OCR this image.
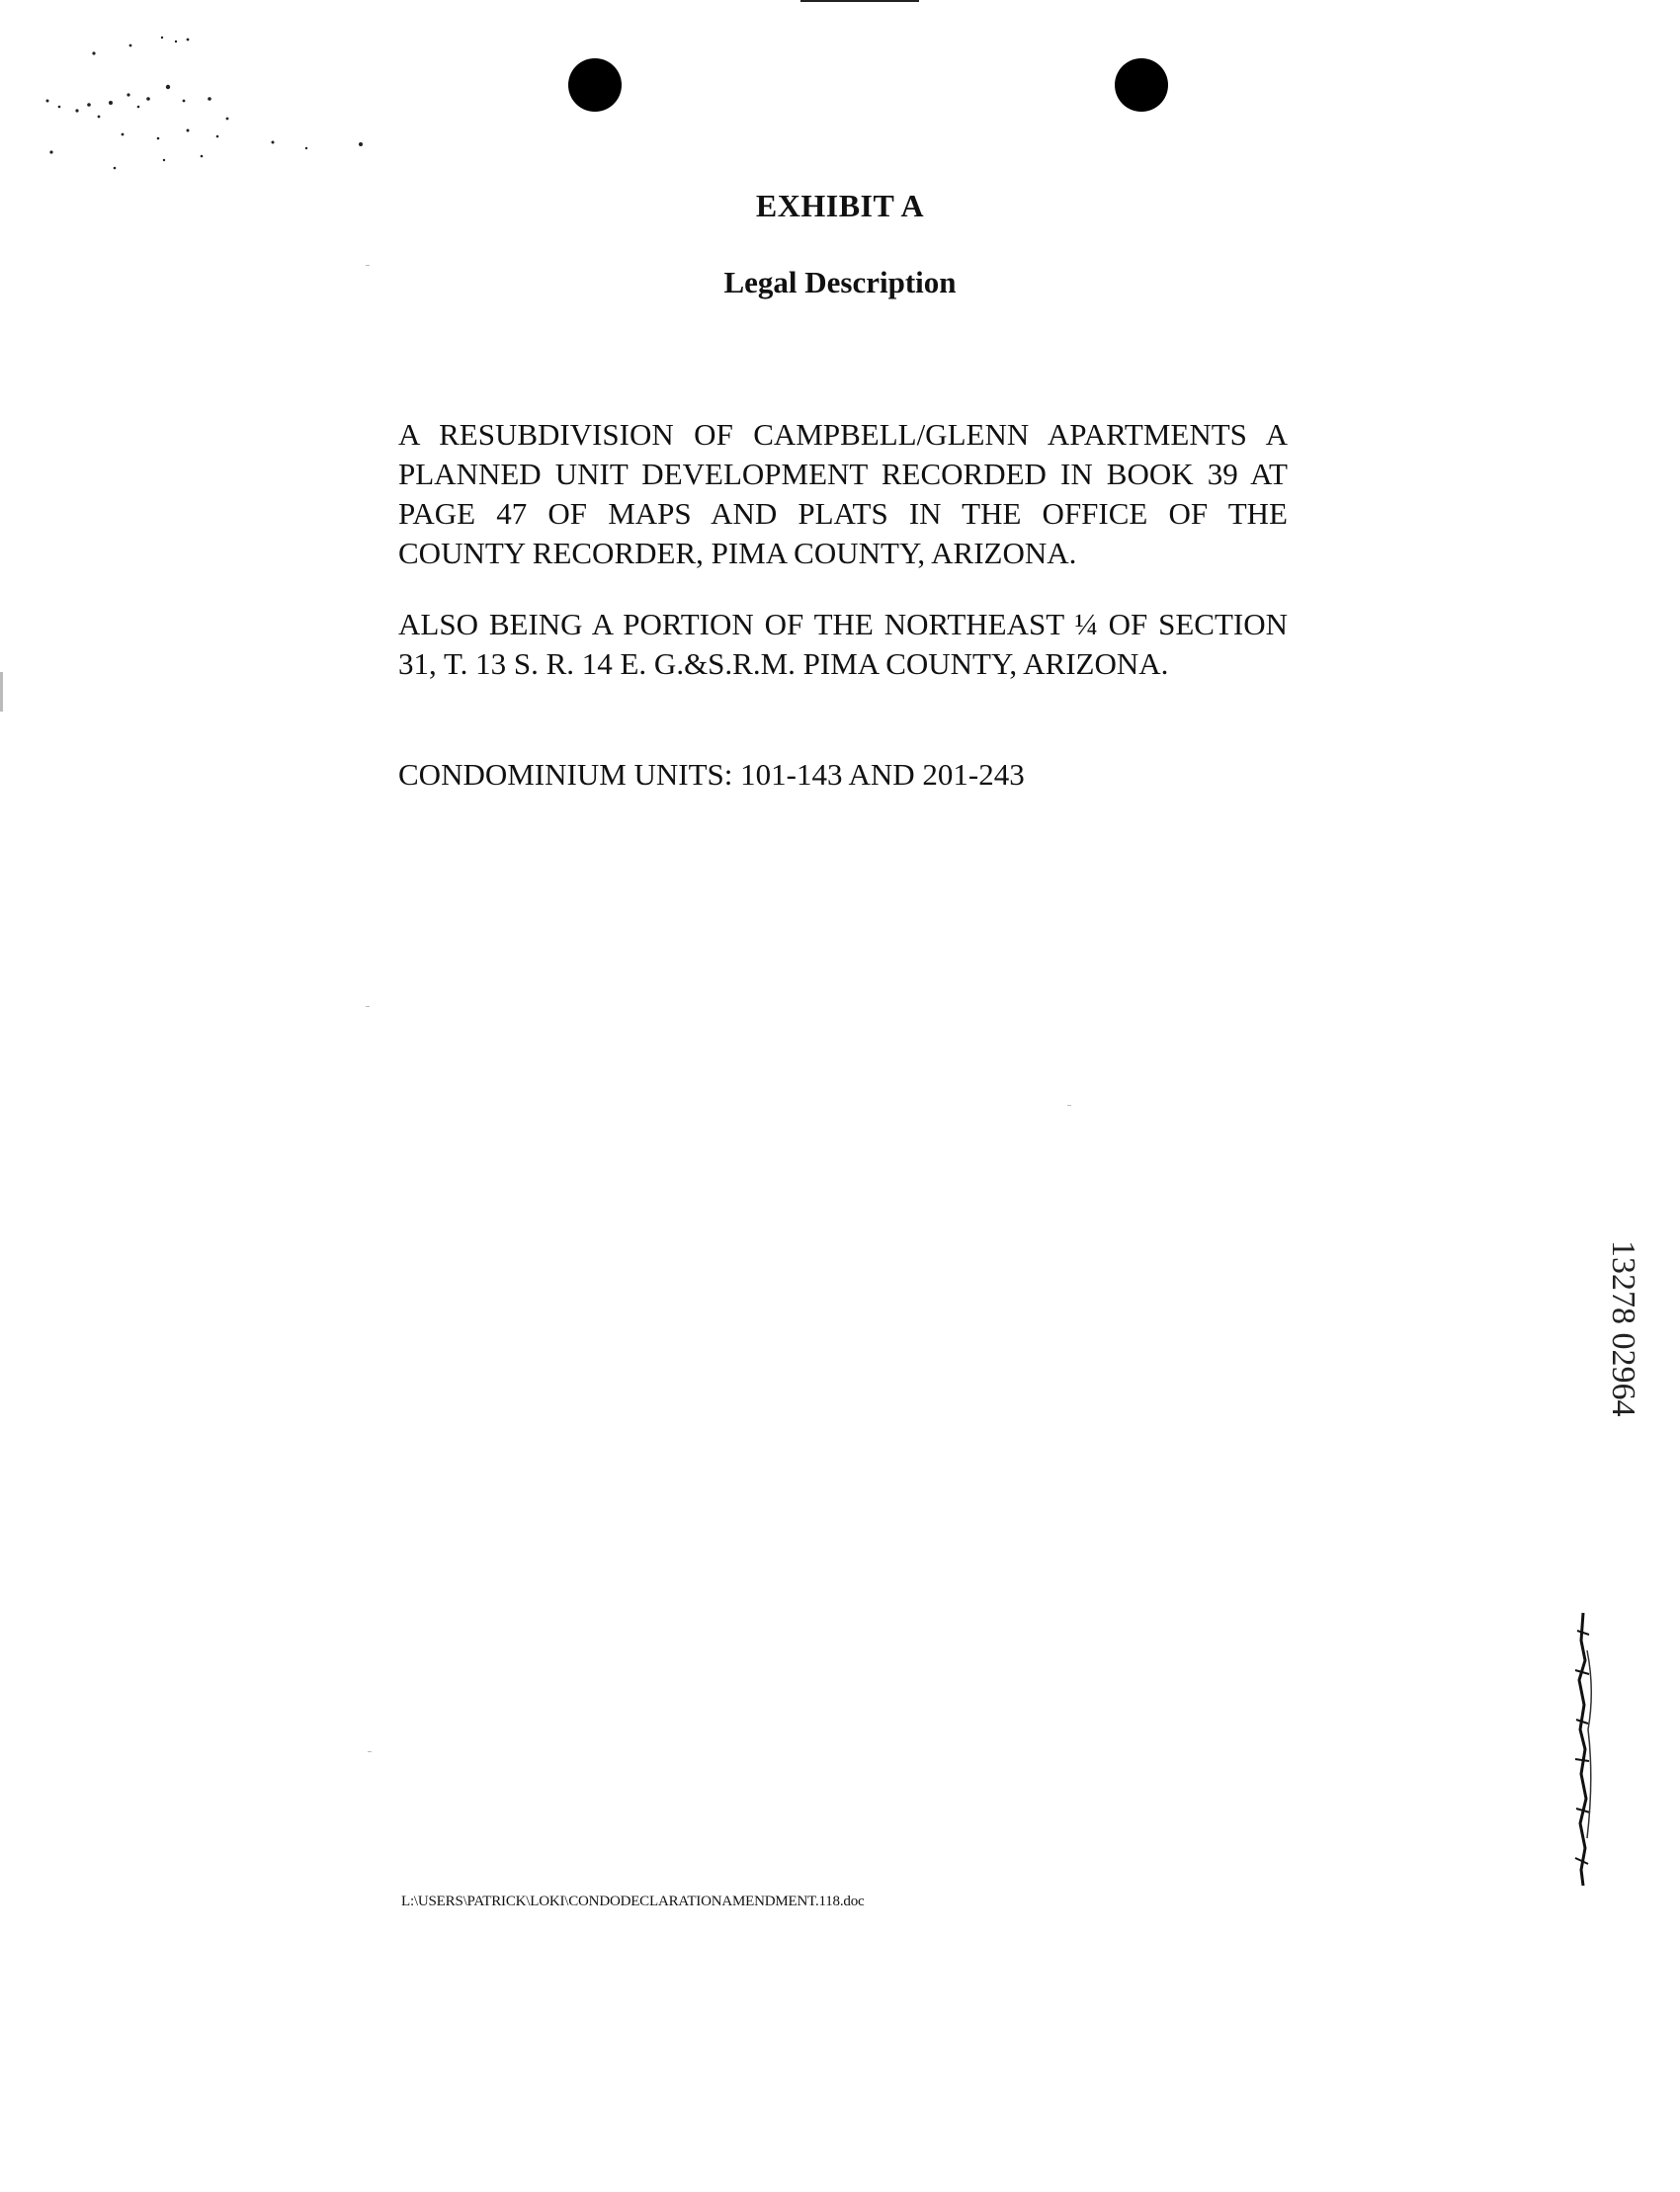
EXHIBIT A
Legal Description
A RESUBDIVISION OF CAMPBELL/GLENN APARTMENTS A PLANNED UNIT DEVELOPMENT RECORDED IN BOOK 39 AT PAGE 47 OF MAPS AND PLATS IN THE OFFICE OF THE COUNTY RECORDER, PIMA COUNTY, ARIZONA.
ALSO BEING A PORTION OF THE NORTHEAST ¼ OF SECTION 31, T. 13 S. R. 14 E. G.&S.R.M. PIMA COUNTY, ARIZONA.
CONDOMINIUM UNITS: 101-143 AND 201-243
L:\USERS\PATRICK\LOKI\CONDODECLARATIONAMENDMENT.118.doc
13278 02964
